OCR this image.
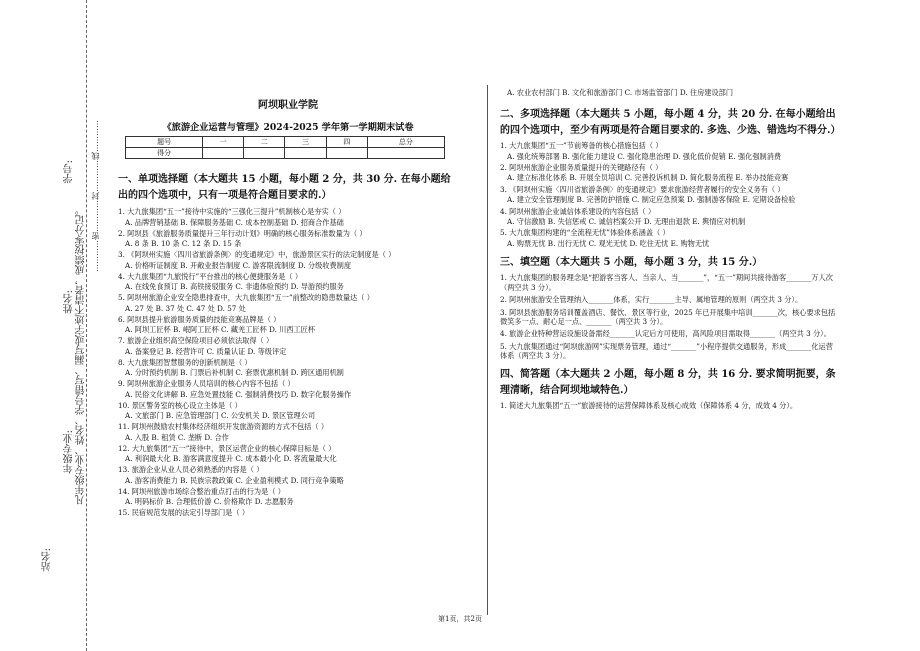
学号:
姓名:
年级专业:
站名:
凡年级专业、姓名、学号错写、漏写或字迹不清者，成绩按零分记。
…………密…………封…………线…………
阿坝职业学院
《旅游企业运营与管理》2024-2025 学年第一学期期末试卷
题号	一	二	三	四	总分
得分					
一、单项选择题（本大题共 15 小题，每小题 2 分，共 30 分. 在每小题给出的四个选项中，只有一项是符合题目要求的.）

1. 大九旅集团“五一”接待中实施的“三强化三提升”机制核心是夯实（ ）

A. 品牌营销基础 B. 保障服务基础 C. 成本控制基础 D. 招商合作基础

2. 阿坝县《旅游服务质量提升三年行动计划》明确的核心服务标准数量为（ ）

A. 8 条 B. 10 条 C. 12 条 D. 15 条

3. 《阿坝州实施〈四川省旅游条例〉的变通规定》中，旅游景区实行的法定制度是（ ）

A. 价格听证制度 B. 开敞业报告制度 C. 游客限流制度 D. 分级收费制度

4. 大九旅集团“九旅悦行”平台推出的核心便捷服务是（ ）

A. 在线免食预订 B. 高铁接驳服务 C. 非遗体验预约 D. 导游预约服务

5. 阿坝州旅游企业安全隐患排查中，大九旅集团“五一”前整改的隐患数量达（ ）

A. 27 处 B. 37 处 C. 47 处 D. 57 处

6. 阿坝县提升旅游服务质量的技能竞赛品牌是（ ）

A. 阿坝工匠杯 B. 岷阿工匠杯 C. 藏羌工匠杯 D. 川西工匠杯

7. 旅游企业组织高空保险项目必须依法取得（ ）

A. 备案登记 B. 经营许可 C. 质量认证 D. 等级评定

8. 大九旅集团智慧服务的创新机制是（ ）

A. 分时预约机制 B. 门票后补机制 C. 套票优惠机制 D. 跨区通用机制

9. 阿坝州旅游企业服务人员培训的核心内容不包括（ ）

A. 民俗文化讲解 B. 应急处置技能 C. 强制消费技巧 D. 数字化服务操作

10. 景区警务室的核心设立主体是（ ）

A. 文旅部门 B. 应急管理部门 C. 公安机关 D. 景区管理公司

11. 阿坝州鼓励农村集体经济组织开发旅游资源的方式不包括（ ）

A. 入股 B. 租赁 C. 垄断 D. 合作

12. 大九旅集团“五一”接待中，景区运营企业的核心保障目标是（ ）

A. 利润最大化 B. 游客满意度提升 C. 成本最小化 D. 客流量最大化

13. 旅游企业从业人员必须熟悉的内容是（ ）

A. 游客消费能力 B. 民族宗教政策 C. 企业盈利模式 D. 同行竞争策略

14. 阿坝州旅游市场综合整治重点打击的行为是（ ）

A. 明码标价 B. 合理低价游 C. 价格欺诈 D. 志愿服务

15. 民宿规范发展的法定引导部门是（ ）

A. 农业农村部门 B. 文化和旅游部门 C. 市场监管部门 D. 住房建设部门

二、多项选择题（本大题共 5 小题，每小题 4 分，共 20 分. 在每小题给出的四个选项中，至少有两项是符合题目要求的. 多选、少选、错选均不得分.）

1. 大九旅集团“五一”节前筹备的核心措施包括（ ）

A. 强化统筹部署 B. 强化能力建设 C. 强化隐患治理 D. 强化低价促销 E. 强化强制消费

2. 阿坝州旅游企业服务质量提升的关键路径有（ ）

A. 建立标准化体系 B. 开展全员培训 C. 完善投诉机制 D. 简化服务流程 E. 举办技能竞赛

3. 《阿坝州实施〈四川省旅游条例〉的变通规定》要求旅游经营者履行的安全义务有（ ）

A. 建立安全管理制度 B. 完善防护措施 C. 制定应急预案 D. 强制游客保险 E. 定期设备检验

4. 阿坝州旅游企业诚信体系建设的内容包括（ ）

A. 守信激励 B. 失信惩戒 C. 诚信档案公开 D. 无理由退款 E. 舆情应对机制

5. 大九旅集团构建的“全流程无忧”体验体系涵盖（ ）

A. 购票无忧 B. 出行无忧 C. 观光无忧 D. 吃住无忧 E. 购物无忧

三、填空题（本大题共 5 小题，每小题 3 分，共 15 分.）

1. 大九旅集团的服务理念是“把游客当客人、当亲人、当_______”，“五一”期间共接待游客_______万人次（两空共 3 分）。

2. 阿坝州旅游安全管理纳入_______体系，实行_______主导、属地管理的原则（两空共 3 分）。

3. 阿坝县旅游服务培训覆盖酒店、餐饮、景区等行业，2025 年已开展集中培训_______次，核心要求包括微笑多一点、耐心足一点、_______（两空共 3 分）。

4. 旅游企业特种营运设施设备需经_______认定后方可使用，高风险项目需取得_______（两空共 3 分）。

5. 大九旅集团通过“阿坝旅游网”实现票务管理，通过“_______”小程序提供交通服务，形成_______化运营体系（两空共 3 分）。

四、简答题（本大题共 2 小题，每小题 8 分，共 16 分. 要求简明扼要，条理清晰，结合阿坝地域特色.）

1. 简述大九旅集团“五一”旅游接待的运营保障体系及核心成效（保障体系 4 分，成效 4 分）。

第1页，共2页
